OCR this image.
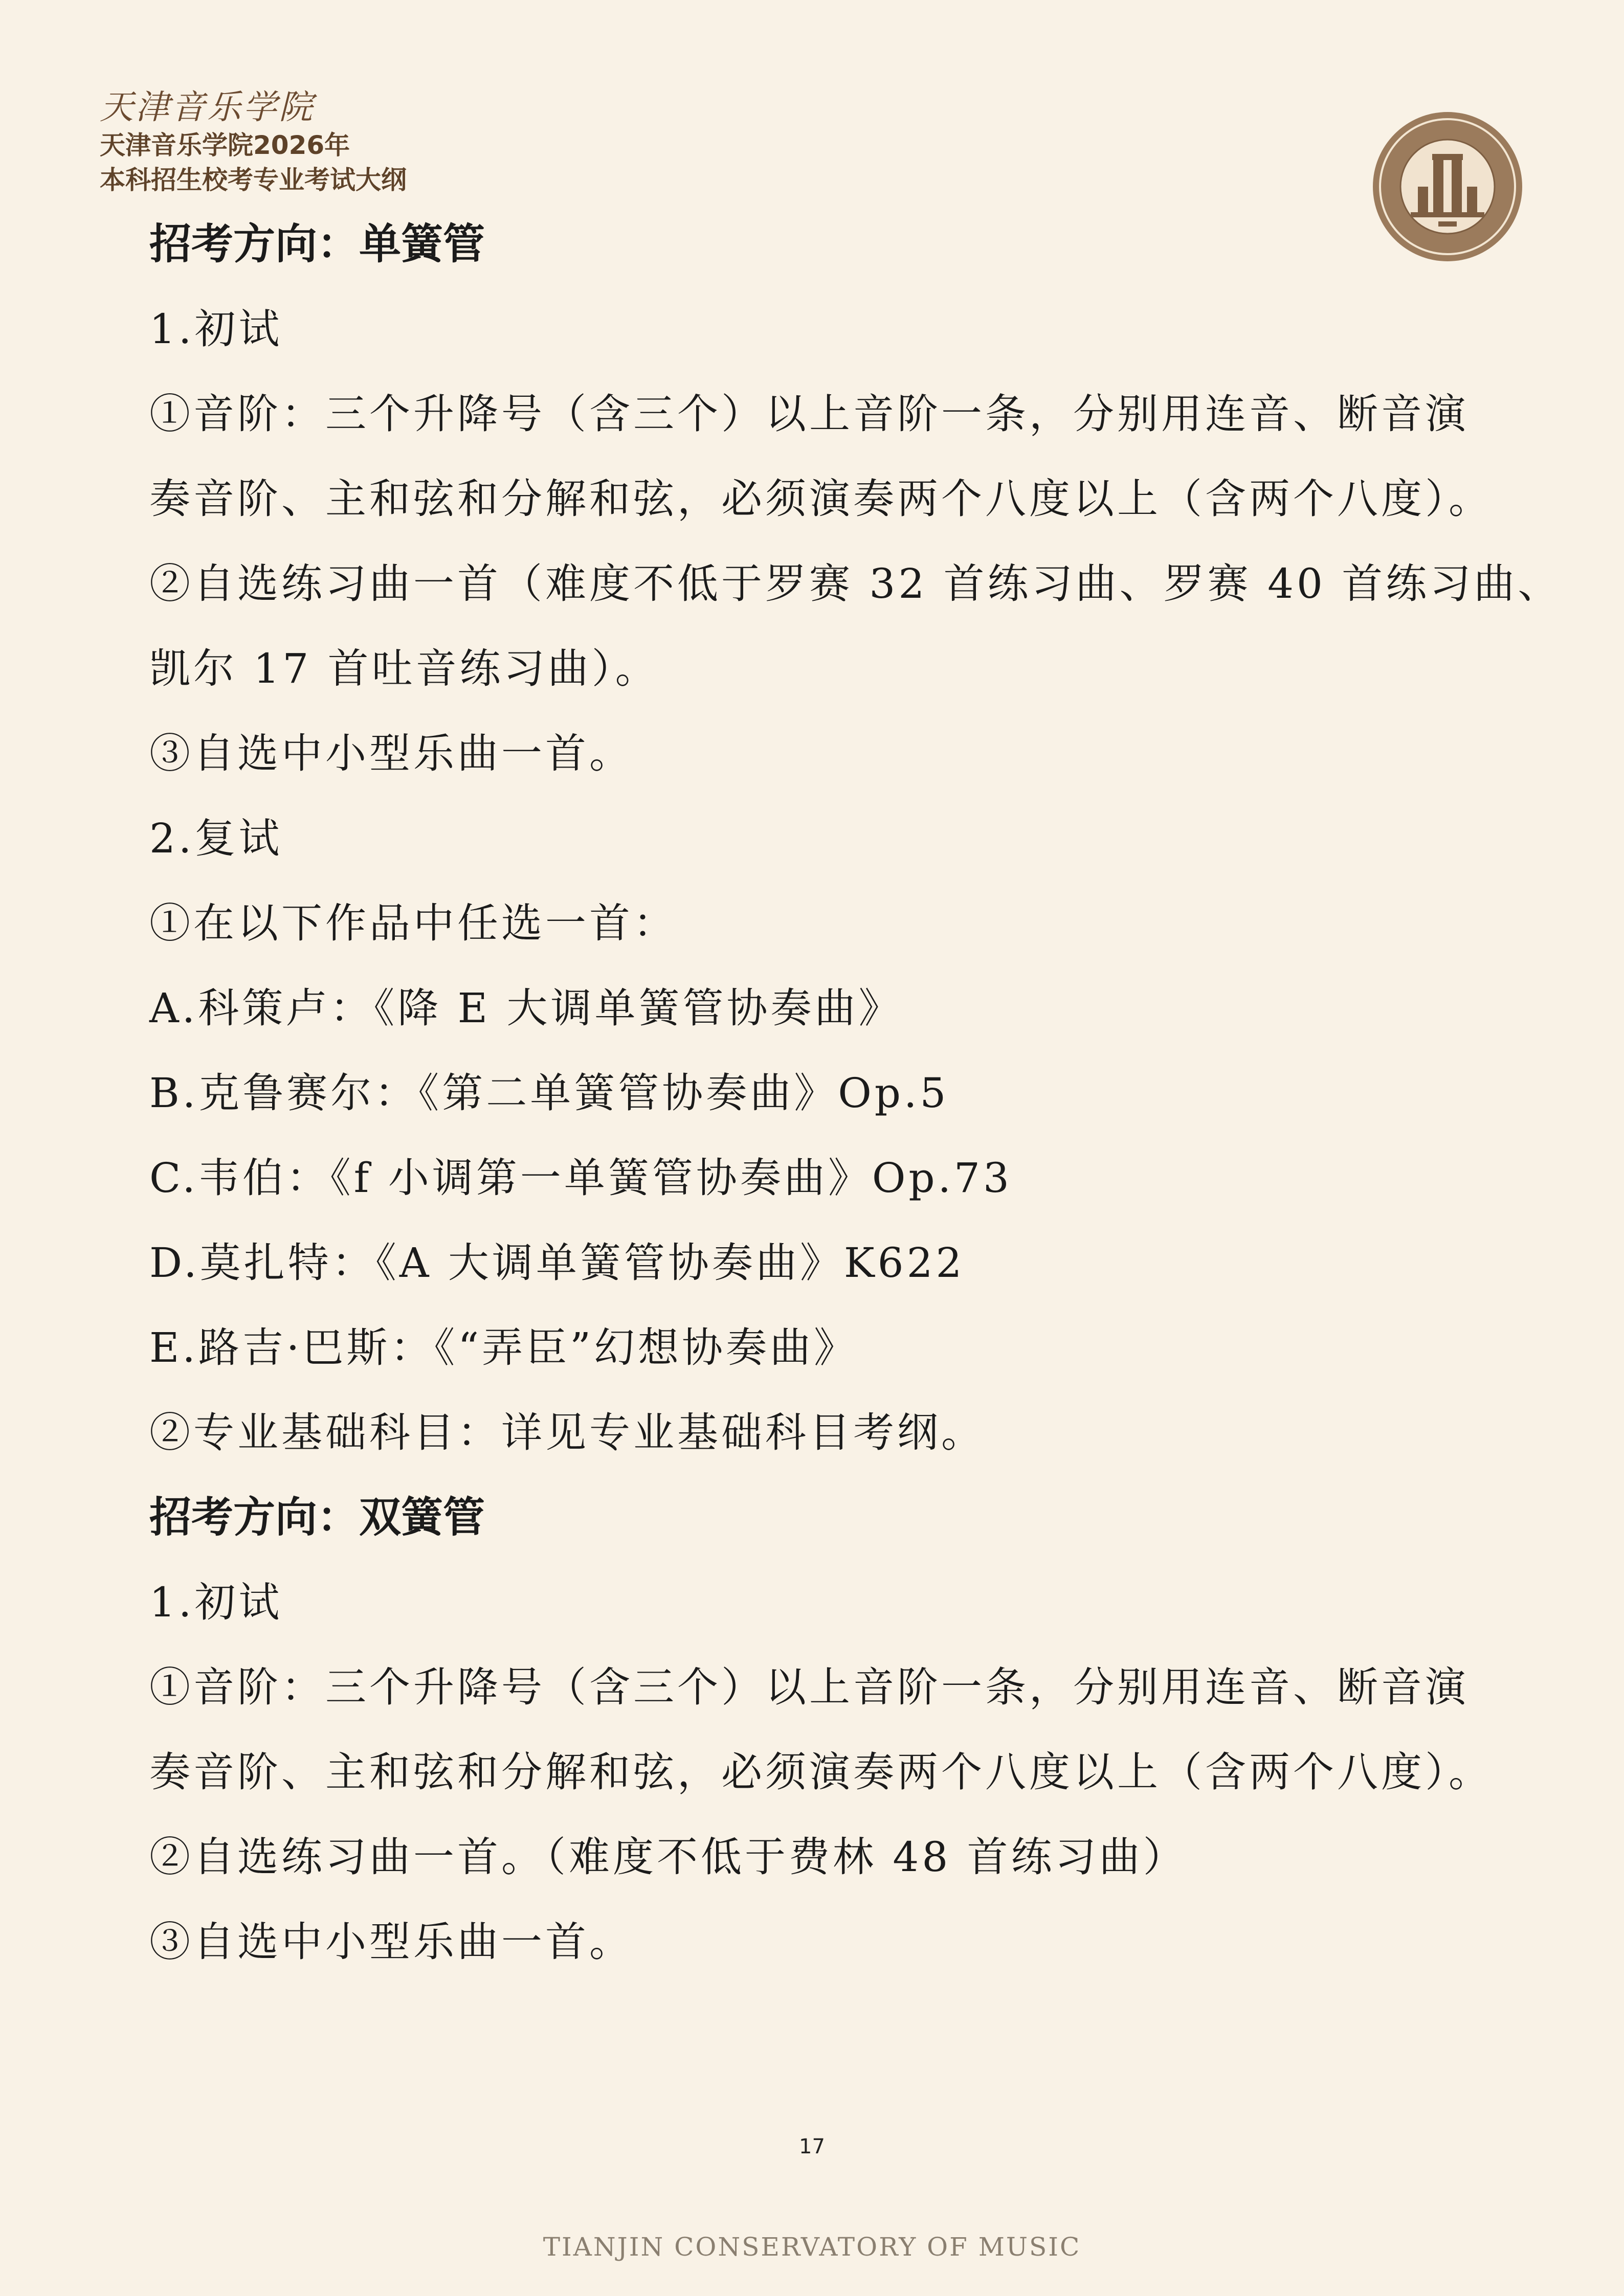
天津音乐学院
天津音乐学院2026年
本科招生校考专业考试大纲
招考方向：单簧管
1.初试
①音阶：三个升降号（含三个）以上音阶一条，分别用连音、断音演
奏音阶、主和弦和分解和弦，必须演奏两个八度以上（含两个八度）。
②自选练习曲一首（难度不低于罗赛 32 首练习曲、罗赛 40 首练习曲、
凯尔 17 首吐音练习曲）。
③自选中小型乐曲一首。
2.复试
①在以下作品中任选一首：
A.科策卢：《降 E 大调单簧管协奏曲》
B.克鲁赛尔：《第二单簧管协奏曲》Op.5
C.韦伯：《f 小调第一单簧管协奏曲》Op.73
D.莫扎特：《A 大调单簧管协奏曲》K622
E.路吉·巴斯：《“弄臣”幻想协奏曲》
②专业基础科目：详见专业基础科目考纲。
招考方向：双簧管
1.初试
①音阶：三个升降号（含三个）以上音阶一条，分别用连音、断音演
奏音阶、主和弦和分解和弦，必须演奏两个八度以上（含两个八度）。
②自选练习曲一首。（难度不低于费林 48 首练习曲）
③自选中小型乐曲一首。
17
TIANJIN CONSERVATORY OF MUSIC
